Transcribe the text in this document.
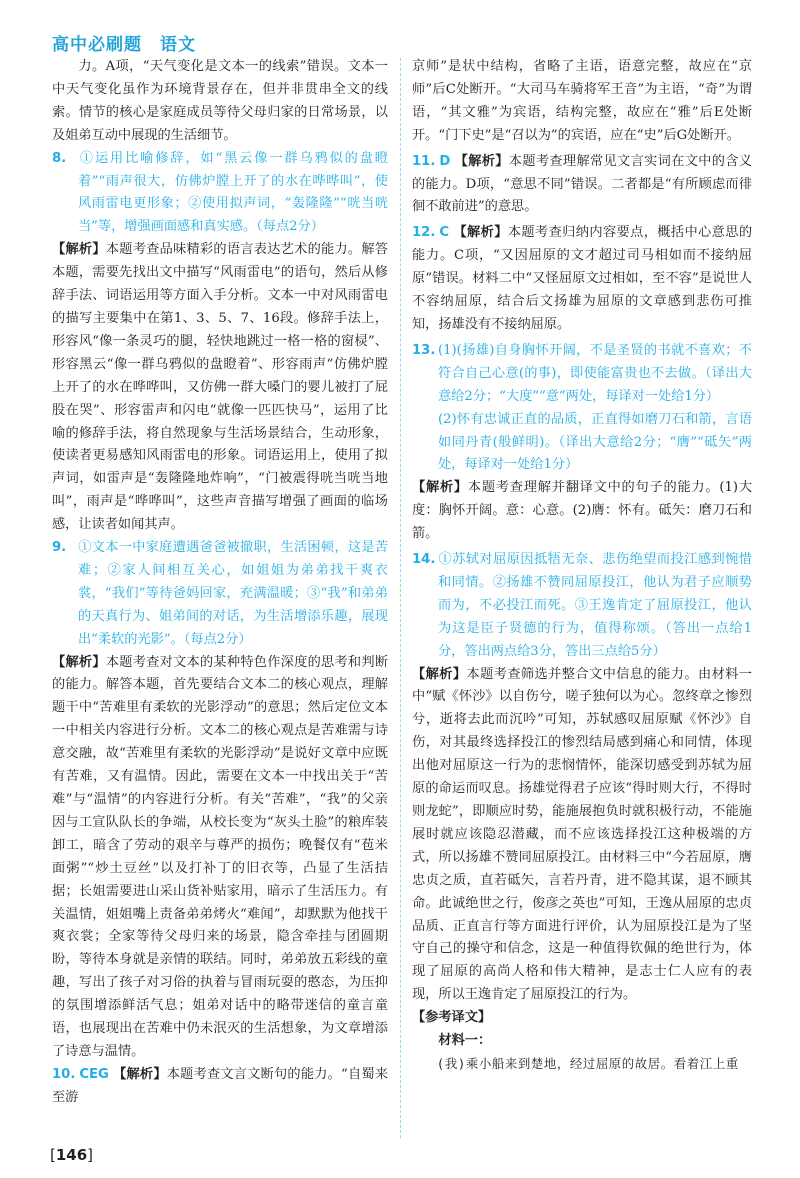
高中必刷题 语文

力。A项，“天气变化是文本一的线索”错误。文本一中天气变化虽作为环境背景存在，但并非贯串全文的线索。情节的核心是家庭成员等待父母归家的日常场景，以及姐弟互动中展现的生活细节。

8. ①运用比喻修辞，如“黑云像一群乌鸦似的盘瞪着”“雨声很大，仿佛炉膛上开了的水在哗哗叫”，使风雨雷电更形象；②使用拟声词，“轰隆隆”“咣当咣当”等，增强画面感和真实感。（每点2分）

【解析】本题考查品味精彩的语言表达艺术的能力。解答本题，需要先找出文中描写“风雨雷电”的语句，然后从修辞手法、词语运用等方面入手分析。文本一中对风雨雷电的描写主要集中在第1、3、5、7、16段。修辞手法上，形容风“像一条灵巧的腿，轻快地跳过一格一格的窗棂”、形容黑云“像一群乌鸦似的盘瞪着”、形容雨声“仿佛炉膛上开了的水在哗哗叫，又仿佛一群大嗓门的婴儿被打了屁股在哭”、形容雷声和闪电“就像一匹匹快马”，运用了比喻的修辞手法，将自然现象与生活场景结合，生动形象，使读者更易感知风雨雷电的形象。词语运用上，使用了拟声词，如雷声是“轰隆隆地炸响”，“门被震得咣当咣当地叫”，雨声是“哗哗叫”，这些声音描写增强了画面的临场感，让读者如闻其声。

9. ①文本一中家庭遭遇爸爸被撤职，生活困顿，这是苦难；②家人间相互关心，如姐姐为弟弟找干爽衣裳，“我们”等待爸妈回家，充满温暖；③“我”和弟弟的天真行为、姐弟间的对话，为生活增添乐趣，展现出“柔软的光影”。（每点2分）

【解析】本题考查对文本的某种特色作深度的思考和判断的能力。解答本题，首先要结合文本二的核心观点，理解题干中“苦难里有柔软的光影浮动”的意思；然后定位文本一中相关内容进行分析。文本二的核心观点是苦难需与诗意交融，故“苦难里有柔软的光影浮动”是说好文章中应既有苦难，又有温情。因此，需要在文本一中找出关于“苦难”与“温情”的内容进行分析。有关“苦难”，“我”的父亲因与工宣队队长的争端，从校长变为“灰头土脸”的粮库装卸工，暗含了劳动的艰辛与尊严的损伤；晚餐仅有“苞米面粥”“炒土豆丝”以及打补丁的旧衣等，凸显了生活拮据；长姐需要进山采山货补贴家用，暗示了生活压力。有关温情，姐姐嘴上责备弟弟烤火“难闻”，却默默为他找干爽衣裳；全家等待父母归来的场景，隐含牵挂与团圆期盼，等待本身就是亲情的联结。同时，弟弟放五彩线的童趣，写出了孩子对习俗的执着与冒雨玩耍的憨态，为压抑的氛围增添鲜活气息；姐弟对话中的略带迷信的童言童语，也展现出在苦难中仍未泯灭的生活想象，为文章增添了诗意与温情。

10. CEG 【解析】本题考查文言文断句的能力。“自蜀来至游

京师”是状中结构，省略了主语，语意完整，故应在“京师”后C处断开。“大司马车骑将军王音”为主语，“奇”为谓语，“其文雅”为宾语，结构完整，故应在“雅”后E处断开。“门下史”是“召以为”的宾语，应在“史”后G处断开。

11. D 【解析】本题考查理解常见文言实词在文中的含义的能力。D项，“意思不同”错误。二者都是“有所顾虑而徘徊不敢前进”的意思。

12. C 【解析】本题考查归纳内容要点，概括中心意思的能力。C项，“又因屈原的文才超过司马相如而不接纳屈原”错误。材料二中“又怪屈原文过相如，至不容”是说世人不容纳屈原，结合后文扬雄为屈原的文章感到悲伤可推知，扬雄没有不接纳屈原。

13. (1)(扬雄)自身胸怀开阔，不是圣贤的书就不喜欢；不符合自己心意(的事)，即使能富贵也不去做。（译出大意给2分；“大度”“意”两处，每译对一处给1分）

(2)怀有忠诚正直的品质，正直得如磨刀石和箭，言语如同丹青(般鲜明)。（译出大意给2分；“膺”“砥矢”两处，每译对一处给1分）

【解析】本题考查理解并翻译文中的句子的能力。(1)大度：胸怀开阔。意：心意。(2)膺：怀有。砥矢：磨刀石和箭。

14. ①苏轼对屈原因抵牾无奈、悲伤绝望而投江感到惋惜和同情。②扬雄不赞同屈原投江，他认为君子应顺势而为，不必投江而死。③王逸肯定了屈原投江，他认为这是臣子贤德的行为，值得称颂。（答出一点给1分，答出两点给3分，答出三点给5分）

【解析】本题考查筛选并整合文中信息的能力。由材料一中“赋《怀沙》以自伤兮，嗟子独何以为心。忽终章之惨烈兮，逝将去此而沉吟”可知，苏轼感叹屈原赋《怀沙》自伤，对其最终选择投江的惨烈结局感到痛心和同情，体现出他对屈原这一行为的悲悯情怀，能深切感受到苏轼为屈原的命运而叹息。扬雄觉得君子应该“得时则大行，不得时则龙蛇”，即顺应时势，能施展抱负时就积极行动，不能施展时就应该隐忍潜藏，而不应该选择投江这种极端的方式，所以扬雄不赞同屈原投江。由材料三中“今若屈原，膺忠贞之质，直若砥矢，言若丹青，进不隐其谋，退不顾其命。此诚绝世之行，俊彦之英也”可知，王逸从屈原的忠贞品质、正直言行等方面进行评价，认为屈原投江是为了坚守自己的操守和信念，这是一种值得钦佩的绝世行为，体现了屈原的高尚人格和伟大精神，是志士仁人应有的表现，所以王逸肯定了屈原投江的行为。

【参考译文】

材料一：

(我)乘小船来到楚地，经过屈原的故居。看着江上重

[146]
